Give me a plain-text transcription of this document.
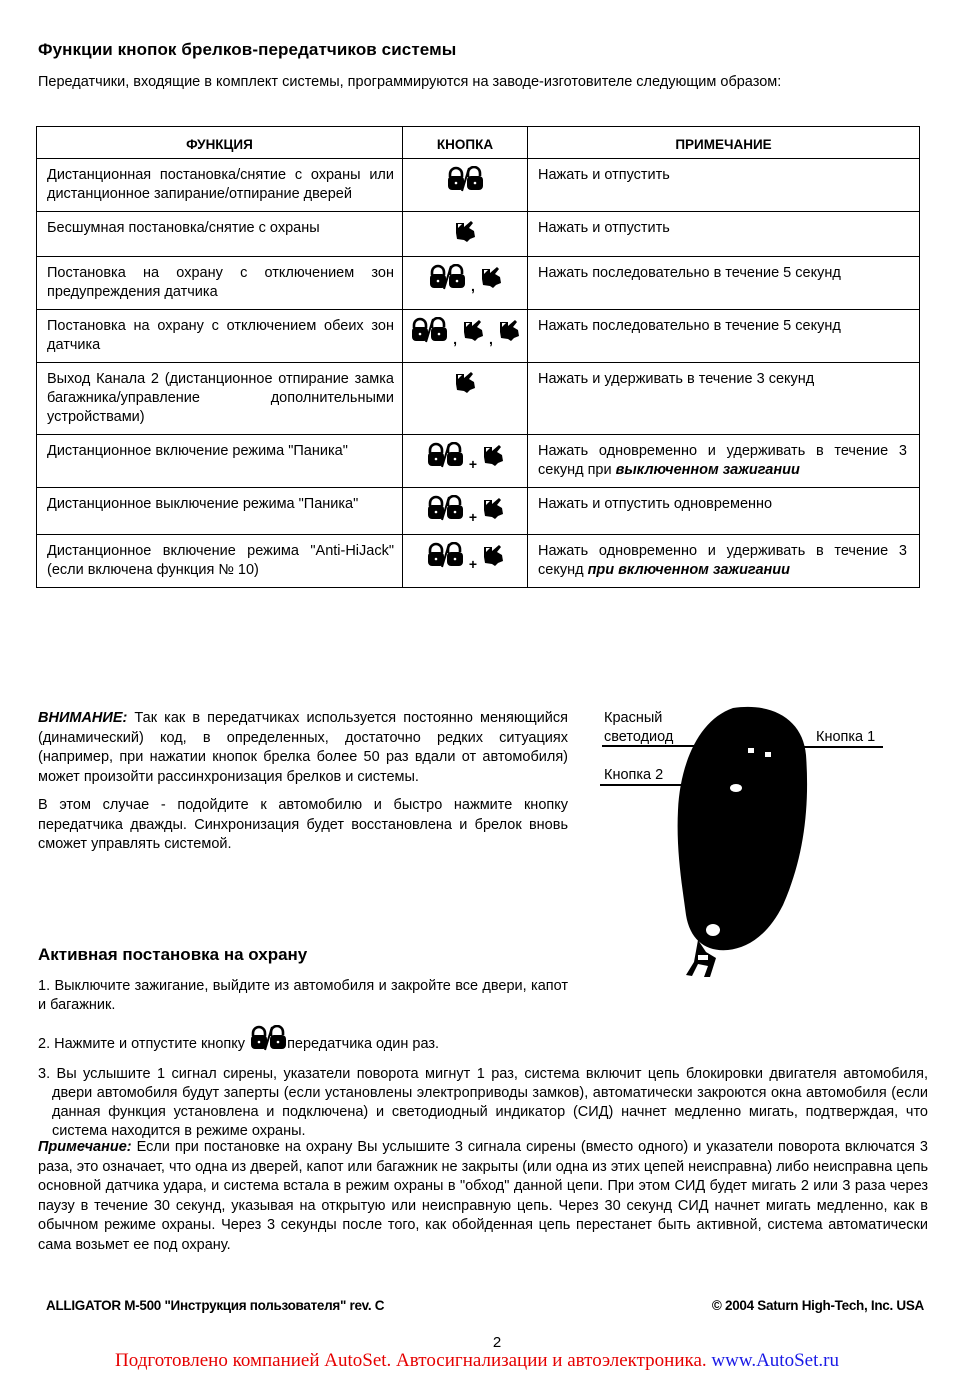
Функции кнопок брелков-передатчиков системы
Передатчики, входящие в комплект системы, программируются на заводе-изготовителе следующим образом:
ФУНКЦИЯ	КНОПКА	ПРИМЕЧАНИЕ
Дистанционная постановка/снятие с охраны или дистанционное запирание/отпирание дверей		Нажать и отпустить
Бесшумная постановка/снятие с охраны		Нажать и отпустить
Постановка на охрану с отключением зон предупреждения датчика	,	Нажать последовательно в течение 5 секунд
Постановка на охрану с отключением обеих зон датчика	, ,	Нажать последовательно в течение 5 секунд
Выход Канала 2 (дистанционное отпирание замка багажника/управление дополнительными устройствами)		Нажать и удерживать в течение 3 секунд
Дистанционное включение режима "Паника"	+	Нажать одновременно и удерживать в течение 3 секунд при выключенном зажигании
Дистанционное выключение режима "Паника"	+	Нажать и отпустить одновременно
Дистанционное включение режима "Anti-HiJack" (если включена функция № 10)	+	Нажать одновременно и удерживать в течение 3 секунд при включенном зажигании

ВНИМАНИЕ: Так как в передатчиках используется постоянно меняющийся (динамический) код, в определенных, достаточно редких ситуациях (например, при нажатии кнопок брелка более 50 раз вдали от автомобиля) может произойти рассинхронизация брелков и системы.

В этом случае - подойдите к автомобилю и быстро нажмите кнопку передатчика дважды. Синхронизация будет восстановлена и брелок вновь сможет управлять системой.

Красный
светодиод	Кнопка 1
Кнопка 2
Активная постановка на охрану
1. Выключите зажигание, выйдите из автомобиля и закройте все двери, капот и багажник.
2. Нажмите и отпустите кнопку	передатчика один раз.
3. Вы услышите 1 сигнал сирены, указатели поворота мигнут 1 раз, система включит цепь блокировки двигателя автомобиля, двери автомобиля будут заперты (если установлены электроприводы замков), автоматически закроются окна автомобиля (если данная функция установлена и подключена) и светодиодный индикатор (СИД) начнет медленно мигать, подтверждая, что система находится в режиме охраны.
Примечание: Если при постановке на охрану Вы услышите 3 сигнала сирены (вместо одного) и указатели поворота включатся 3 раза, это означает, что одна из дверей, капот или багажник не закрыты (или одна из этих цепей неисправна) либо неисправна цепь основной датчика удара, и система встала в режим охраны в "обход" данной цепи. При этом СИД будет мигать 2 или 3 раза через паузу в течение 30 секунд, указывая на открытую или неисправную цепь. Через 30 секунд СИД начнет мигать медленно, как в обычном режиме охраны. Через 3 секунды после того, как обойденная цепь перестанет быть активной, система автоматически сама возьмет ее под охрану.
ALLIGATOR M-500 "Инструкция пользователя" rev. C	© 2004 Saturn High-Tech, Inc. USA
2
Подготовлено компанией AutoSet. Автосигнализации и автоэлектроника. www.AutoSet.ru
